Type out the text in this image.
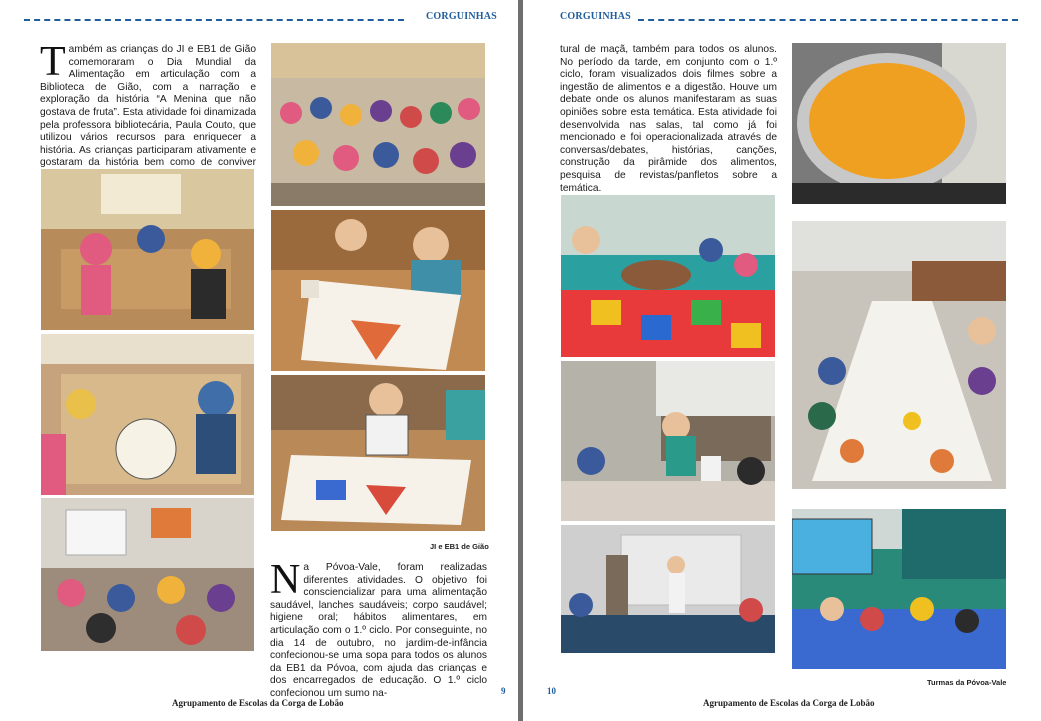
CORGUINHAS
Também as crianças do JI e EB1 de Gião comemoraram o Dia Mundial da Alimentação em articulação com a Biblioteca de Gião, com a narração e exploração da história “A Menina que não gostava de fruta”. Esta atividade foi dinamizada pela professora bibliotecária, Paula Couto, que utilizou vários recursos para enriquecer a história. As crianças participaram ativamente e gostaram da história bem como de conviver
JI e EB1 de Gião
Na Póvoa-Vale, foram realizadas diferentes atividades. O objetivo foi consciencializar para uma alimentação saudável, lanches saudáveis; corpo saudável; higiene oral; hábitos alimentares, em articulação com o 1.º ciclo. Por conseguinte, no dia 14 de outubro, no jardim-de-infância confecionou-se uma sopa para todos os alunos da EB1 da Póvoa, com ajuda das crianças e dos encarregados de educação. O 1.º ciclo confecionou um sumo na-	9
Agrupamento de Escolas da Corga de Lobão
CORGUINHAS
tural de maçã, também para todos os alunos. No período da tarde, em conjunto com o 1.º ciclo, foram visualizados dois filmes sobre a ingestão de alimentos e a digestão. Houve um debate onde os alunos manifestaram as suas opiniões sobre esta temática. Esta atividade foi desenvolvida nas salas, tal como já foi mencionado e foi operacionalizada através de conversas/debates, histórias, canções, construção da pirâmide dos alimentos, pesquisa de revistas/panfletos sobre a temática.
Turmas da Póvoa-Vale
10
Agrupamento de Escolas da Corga de Lobão
